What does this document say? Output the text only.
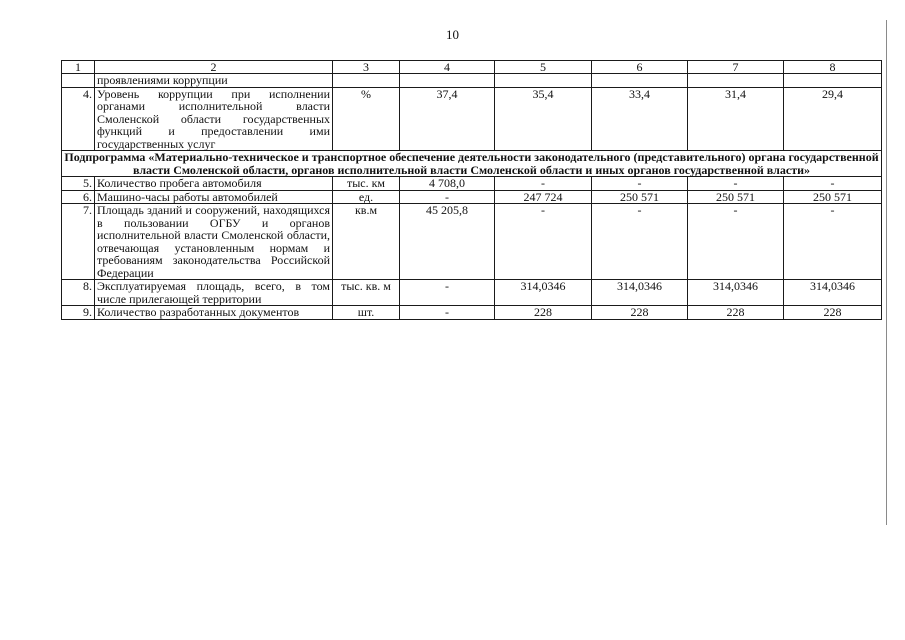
10
1	2	3	4	5	6	7	8
	проявлениями коррупции						
4.	Уровень коррупции при исполнении органами исполнительной власти Смоленской области государственных функций и предоставлении ими государственных услуг	%	37,4	35,4	33,4	31,4	29,4
Подпрограмма «Материально-техническое и транспортное обеспечение деятельности законодательного (представительного) органа государственной власти Смоленской области, органов исполнительной власти Смоленской области и иных органов государственной власти»							
5.	Количество пробега автомобиля	тыс. км	4 708,0	-	-	-	-
6.	Машино-часы работы автомобилей	ед.	-	247 724	250 571	250 571	250 571
7.	Площадь зданий и сооружений, находящихся в пользовании ОГБУ и органов исполнительной власти Смоленской области, отвечающая установленным нормам и требованиям законодательства Российской Федерации	кв.м	45 205,8	-	-	-	-
8.	Эксплуатируемая площадь, всего, в том числе прилегающей территории	тыс. кв. м	-	314,0346	314,0346	314,0346	314,0346
9.	Количество разработанных документов	шт.	-	228	228	228	228
